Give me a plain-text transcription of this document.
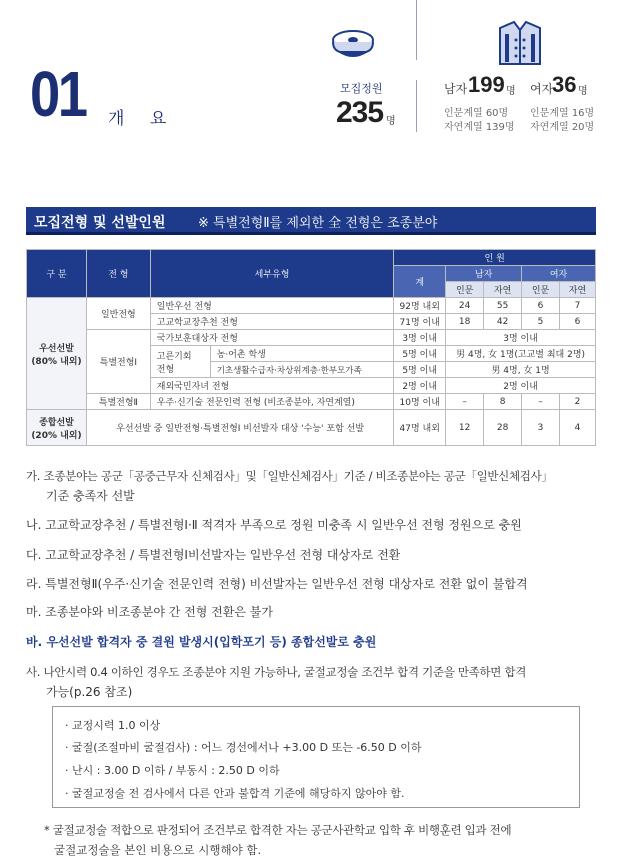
01 개 요
모집정원
235 명
남자 199 명
인문계열 60명
자연계열 139명
여자
36 명
인문계열 16명
자연계열 20명
모집전형 및 선발인원	※ 특별전형Ⅱ를 제외한 全 전형은 조종분야
구 분	전 형	세부유형		인 원				
				계	남자		여자	
					인문	자연	인문	자연

우선선발
(80% 내외)	일반전형	일반우선 전형		92명 내외	24	55	6	7
		고교학교장추천 전형		71명 이내	18	42	5	6
	특별전형Ⅰ	국가보훈대상자 전형		3명 이내	3명 이내			

		고른기회
전형	농·어촌 학생	5명 이내	男 4명, 女 1명(고교별 최대 2명)			
			기초생활수급자·차상위계층·한부모가족	5명 이내	男 4명, 女 1명			
		재외국민자녀 전형		2명 이내	2명 이내			
	특별전형Ⅱ	우주·신기술 전문인력 전형 (비조종분야, 자연계열)		10명 이내	–	8	–	2

종합선발
(20% 내외)	우선선발 중 일반전형·특별전형Ⅰ 비선발자 대상 '수능' 포함 선발			47명 내외	12	28	3	4
가. 조종분야는 공군「공중근무자 신체검사」및「일반신체검사」기준 / 비조종분야는 공군「일반신체검사」
기준 충족자 선발
나. 고교학교장추천 / 특별전형Ⅰ·Ⅱ 적격자 부족으로 정원 미충족 시 일반우선 전형 정원으로 충원
다. 고교학교장추천 / 특별전형Ⅰ비선발자는 일반우선 전형 대상자로 전환
라. 특별전형Ⅱ(우주·신기술 전문인력 전형) 비선발자는 일반우선 전형 대상자로 전환 없이 불합격
마. 조종분야와 비조종분야 간 전형 전환은 불가
바. 우선선발 합격자 중 결원 발생시(입학포기 등) 종합선발로 충원
사. 나안시력 0.4 이하인 경우도 조종분야 지원 가능하나, 굴절교정술 조건부 합격 기준을 만족하면 합격
가능(p.26 참조)
· 교정시력 1.0 이상
· 굴절(조절마비 굴절검사) : 어느 경선에서나 +3.00 D 또는 -6.50 D 이하
· 난시 : 3.00 D 이하 / 부동시 : 2.50 D 이하
· 굴절교정술 전 검사에서 다른 안과 불합격 기준에 해당하지 않아야 함.
* 굴절교정술 적합으로 판정되어 조건부로 합격한 자는 공군사관학교 입학 후 비행훈련 입과 전에
굴절교정술을 본인 비용으로 시행해야 함.
